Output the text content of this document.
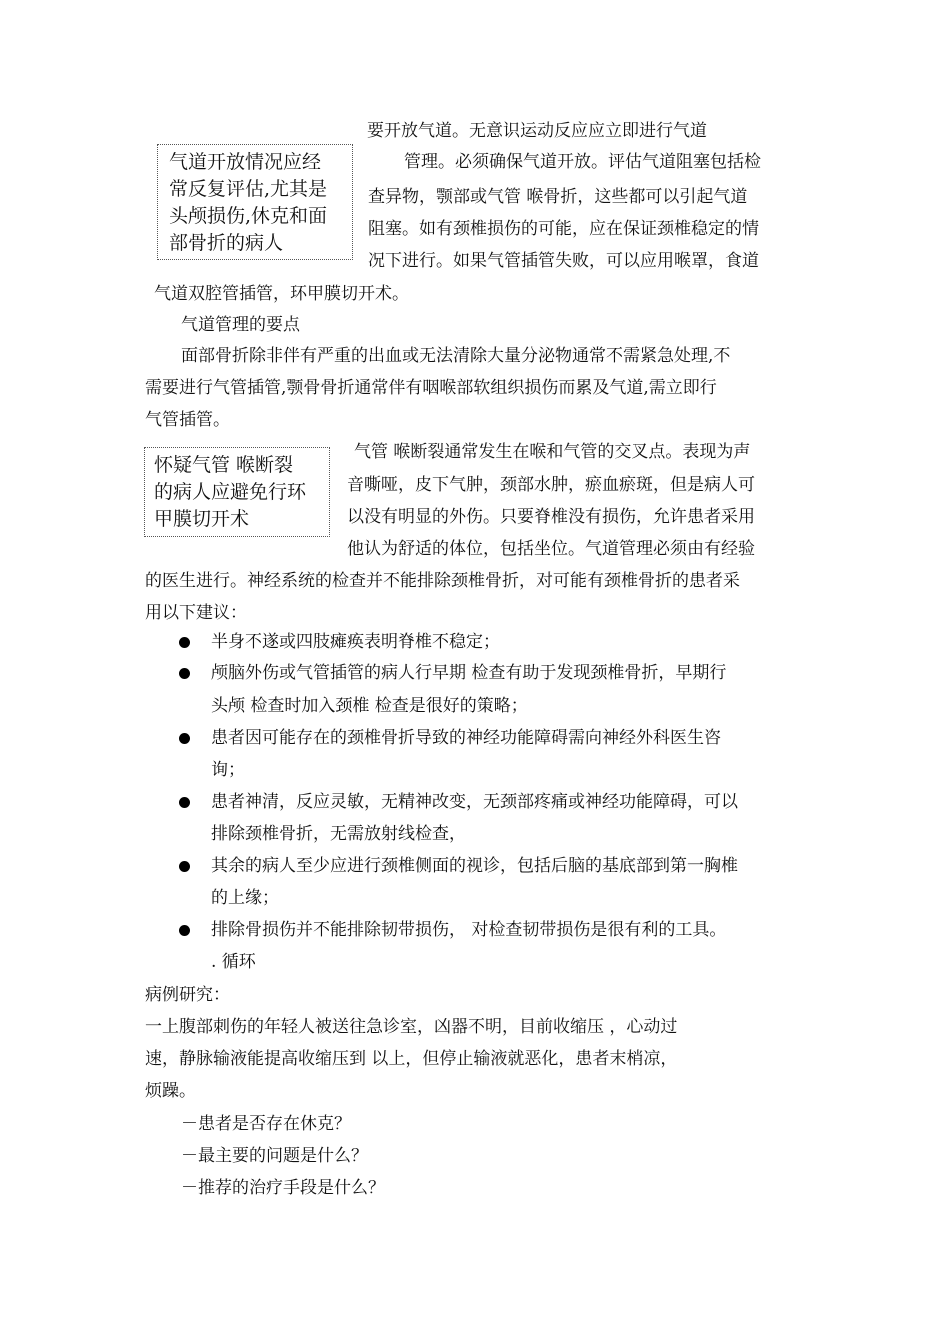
气道开放情况应经
常反复评估,尤其是
头颅损伤,休克和面
部骨折的病人
要开放气道。无意识运动反应应立即进行气道
管理。必须确保气道开放。评估气道阻塞包括检
查异物，颚部或气管 喉骨折，这些都可以引起气道
阻塞。如有颈椎损伤的可能，应在保证颈椎稳定的情
况下进行。如果气管插管失败，可以应用喉罩，食道
气道双腔管插管，环甲膜切开术。
气道管理的要点
面部骨折除非伴有严重的出血或无法清除大量分泌物通常不需紧急处理,不
需要进行气管插管,颚骨骨折通常伴有咽喉部软组织损伤而累及气道,需立即行
气管插管。
怀疑气管 喉断裂
的病人应避免行环
甲膜切开术
气管 喉断裂通常发生在喉和气管的交叉点。表现为声
音嘶哑，皮下气肿，颈部水肿，瘀血瘀斑，但是病人可
以没有明显的外伤。只要脊椎没有损伤，允许患者采用
他认为舒适的体位，包括坐位。气道管理必须由有经验
的医生进行。神经系统的检查并不能排除颈椎骨折，对可能有颈椎骨折的患者采
用以下建议：
半身不遂或四肢瘫痪表明脊椎不稳定；
颅脑外伤或气管插管的病人行早期 检查有助于发现颈椎骨折，早期行
头颅 检查时加入颈椎 检查是很好的策略；
患者因可能存在的颈椎骨折导致的神经功能障碍需向神经外科医生咨
询；
患者神清，反应灵敏，无精神改变，无颈部疼痛或神经功能障碍，可以
排除颈椎骨折，无需放射线检查，
其余的病人至少应进行颈椎侧面的视诊，包括后脑的基底部到第一胸椎
的上缘；
排除骨损伤并不能排除韧带损伤， 对检查韧带损伤是很有利的工具。
. 循环
病例研究：
一上腹部刺伤的年轻人被送往急诊室，凶器不明，目前收缩压 ，心动过
速，静脉输液能提高收缩压到 以上，但停止输液就恶化，患者末梢凉，
烦躁。
－患者是否存在休克？
－最主要的问题是什么？
－推荐的治疗手段是什么？
